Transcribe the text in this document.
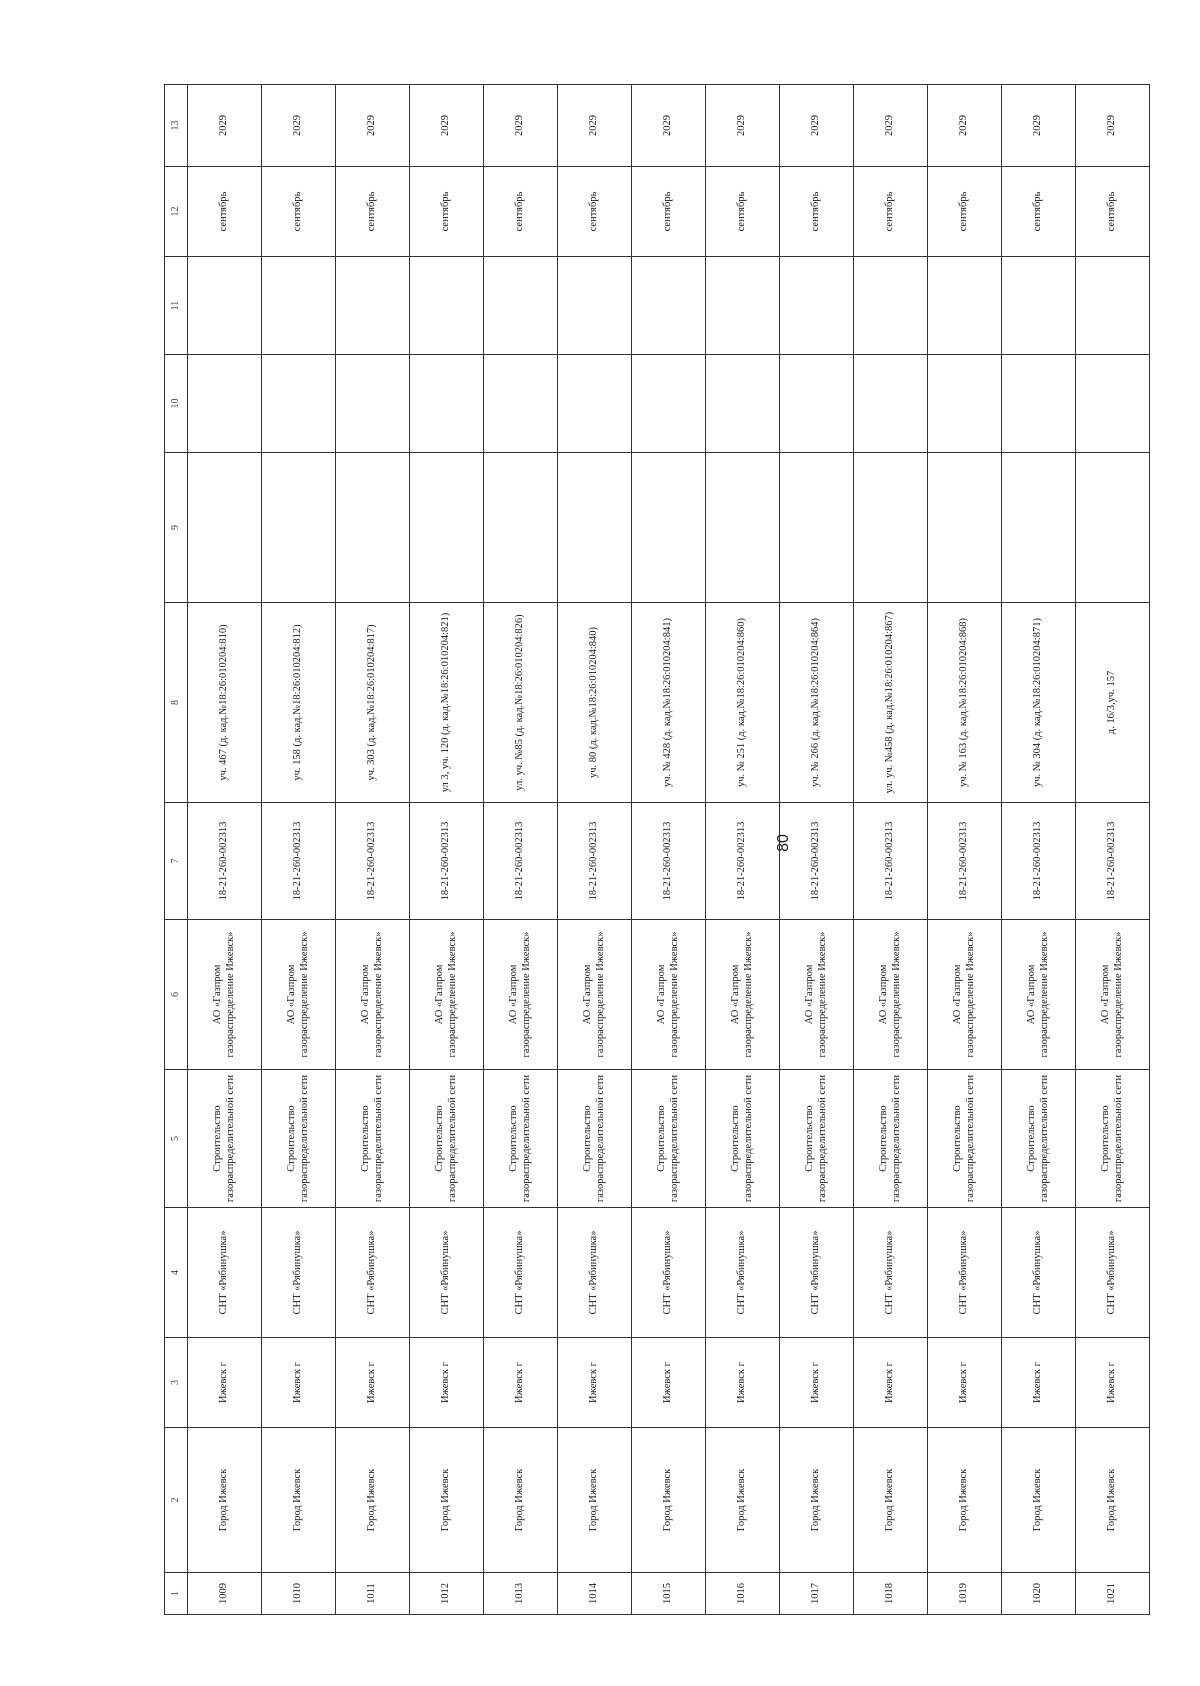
80
1	2	3	4	5	6	7	8	9	10	11	12	13
1009	Город Ижевск	Ижевск г	СНТ «Рябинушка»	Строительство газораспределительной сети	АО «Газпром газораспределение Ижевск»	18-21-260-002313	уч. 467 (д. кад.№18:26:010204:810)				сентябрь	2029
1010	Город Ижевск	Ижевск г	СНТ «Рябинушка»	Строительство газораспределительной сети	АО «Газпром газораспределение Ижевск»	18-21-260-002313	уч. 158 (д. кад.№18:26:010204:812)				сентябрь	2029
1011	Город Ижевск	Ижевск г	СНТ «Рябинушка»	Строительство газораспределительной сети	АО «Газпром газораспределение Ижевск»	18-21-260-002313	уч. 303 (д. кад.№18:26:010204:817)				сентябрь	2029
1012	Город Ижевск	Ижевск г	СНТ «Рябинушка»	Строительство газораспределительной сети	АО «Газпром газораспределение Ижевск»	18-21-260-002313	ул 3, уч. 120 (д. кад.№18:26:010204:821)				сентябрь	2029
1013	Город Ижевск	Ижевск г	СНТ «Рябинушка»	Строительство газораспределительной сети	АО «Газпром газораспределение Ижевск»	18-21-260-002313	ул. уч. №85 (д. кад.№18:26:010204:826)				сентябрь	2029
1014	Город Ижевск	Ижевск г	СНТ «Рябинушка»	Строительство газораспределительной сети	АО «Газпром газораспределение Ижевск»	18-21-260-002313	уч. 80 (д. кад.№18:26:010204:840)				сентябрь	2029
1015	Город Ижевск	Ижевск г	СНТ «Рябинушка»	Строительство газораспределительной сети	АО «Газпром газораспределение Ижевск»	18-21-260-002313	уч. № 428 (д. кад.№18:26:010204:841)				сентябрь	2029
1016	Город Ижевск	Ижевск г	СНТ «Рябинушка»	Строительство газораспределительной сети	АО «Газпром газораспределение Ижевск»	18-21-260-002313	уч. № 251 (д. кад.№18:26:010204:860)				сентябрь	2029
1017	Город Ижевск	Ижевск г	СНТ «Рябинушка»	Строительство газораспределительной сети	АО «Газпром газораспределение Ижевск»	18-21-260-002313	уч. № 266 (д. кад.№18:26:010204:864)				сентябрь	2029
1018	Город Ижевск	Ижевск г	СНТ «Рябинушка»	Строительство газораспределительной сети	АО «Газпром газораспределение Ижевск»	18-21-260-002313	ул. уч. №458 (д. кад.№18:26:010204:867)				сентябрь	2029
1019	Город Ижевск	Ижевск г	СНТ «Рябинушка»	Строительство газораспределительной сети	АО «Газпром газораспределение Ижевск»	18-21-260-002313	уч. № 163 (д. кад.№18:26:010204:868)				сентябрь	2029
1020	Город Ижевск	Ижевск г	СНТ «Рябинушка»	Строительство газораспределительной сети	АО «Газпром газораспределение Ижевск»	18-21-260-002313	уч. № 304 (д. кад.№18:26:010204:871)				сентябрь	2029
1021	Город Ижевск	Ижевск г	СНТ «Рябинушка»	Строительство газораспределительной сети	АО «Газпром газораспределение Ижевск»	18-21-260-002313	д. 16/3,уч. 157				сентябрь	2029
